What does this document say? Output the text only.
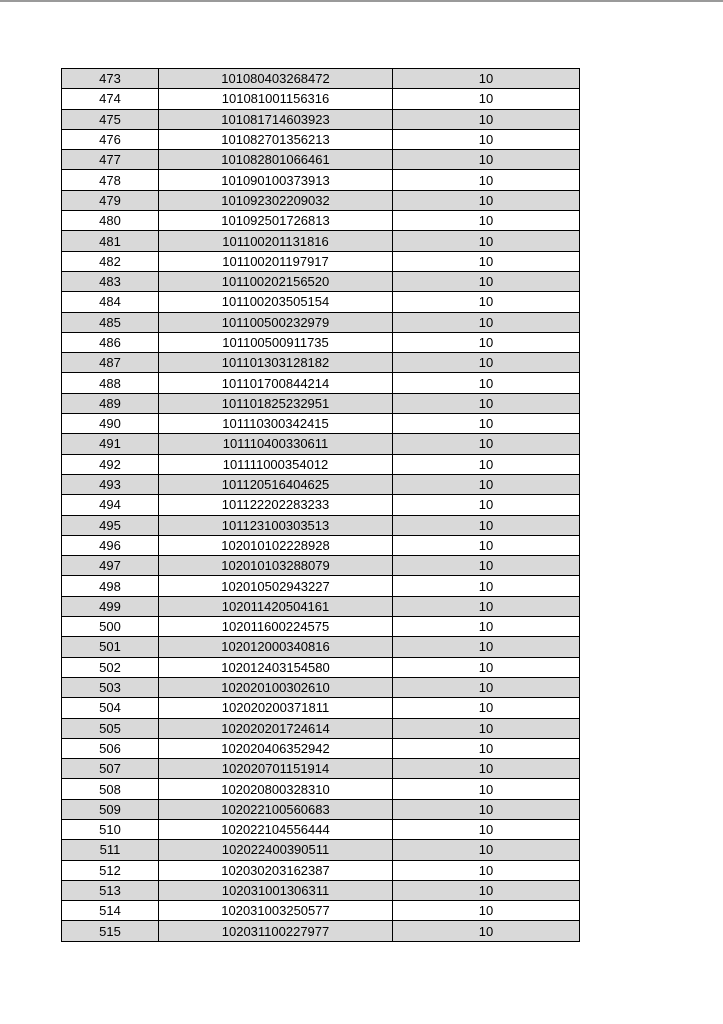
473	101080403268472	10
474	101081001156316	10
475	101081714603923	10
476	101082701356213	10
477	101082801066461	10
478	101090100373913	10
479	101092302209032	10
480	101092501726813	10
481	101100201131816	10
482	101100201197917	10
483	101100202156520	10
484	101100203505154	10
485	101100500232979	10
486	101100500911735	10
487	101101303128182	10
488	101101700844214	10
489	101101825232951	10
490	101110300342415	10
491	101110400330611	10
492	101111000354012	10
493	101120516404625	10
494	101122202283233	10
495	101123100303513	10
496	102010102228928	10
497	102010103288079	10
498	102010502943227	10
499	102011420504161	10
500	102011600224575	10
501	102012000340816	10
502	102012403154580	10
503	102020100302610	10
504	102020200371811	10
505	102020201724614	10
506	102020406352942	10
507	102020701151914	10
508	102020800328310	10
509	102022100560683	10
510	102022104556444	10
511	102022400390511	10
512	102030203162387	10
513	102031001306311	10
514	102031003250577	10
515	102031100227977	10
